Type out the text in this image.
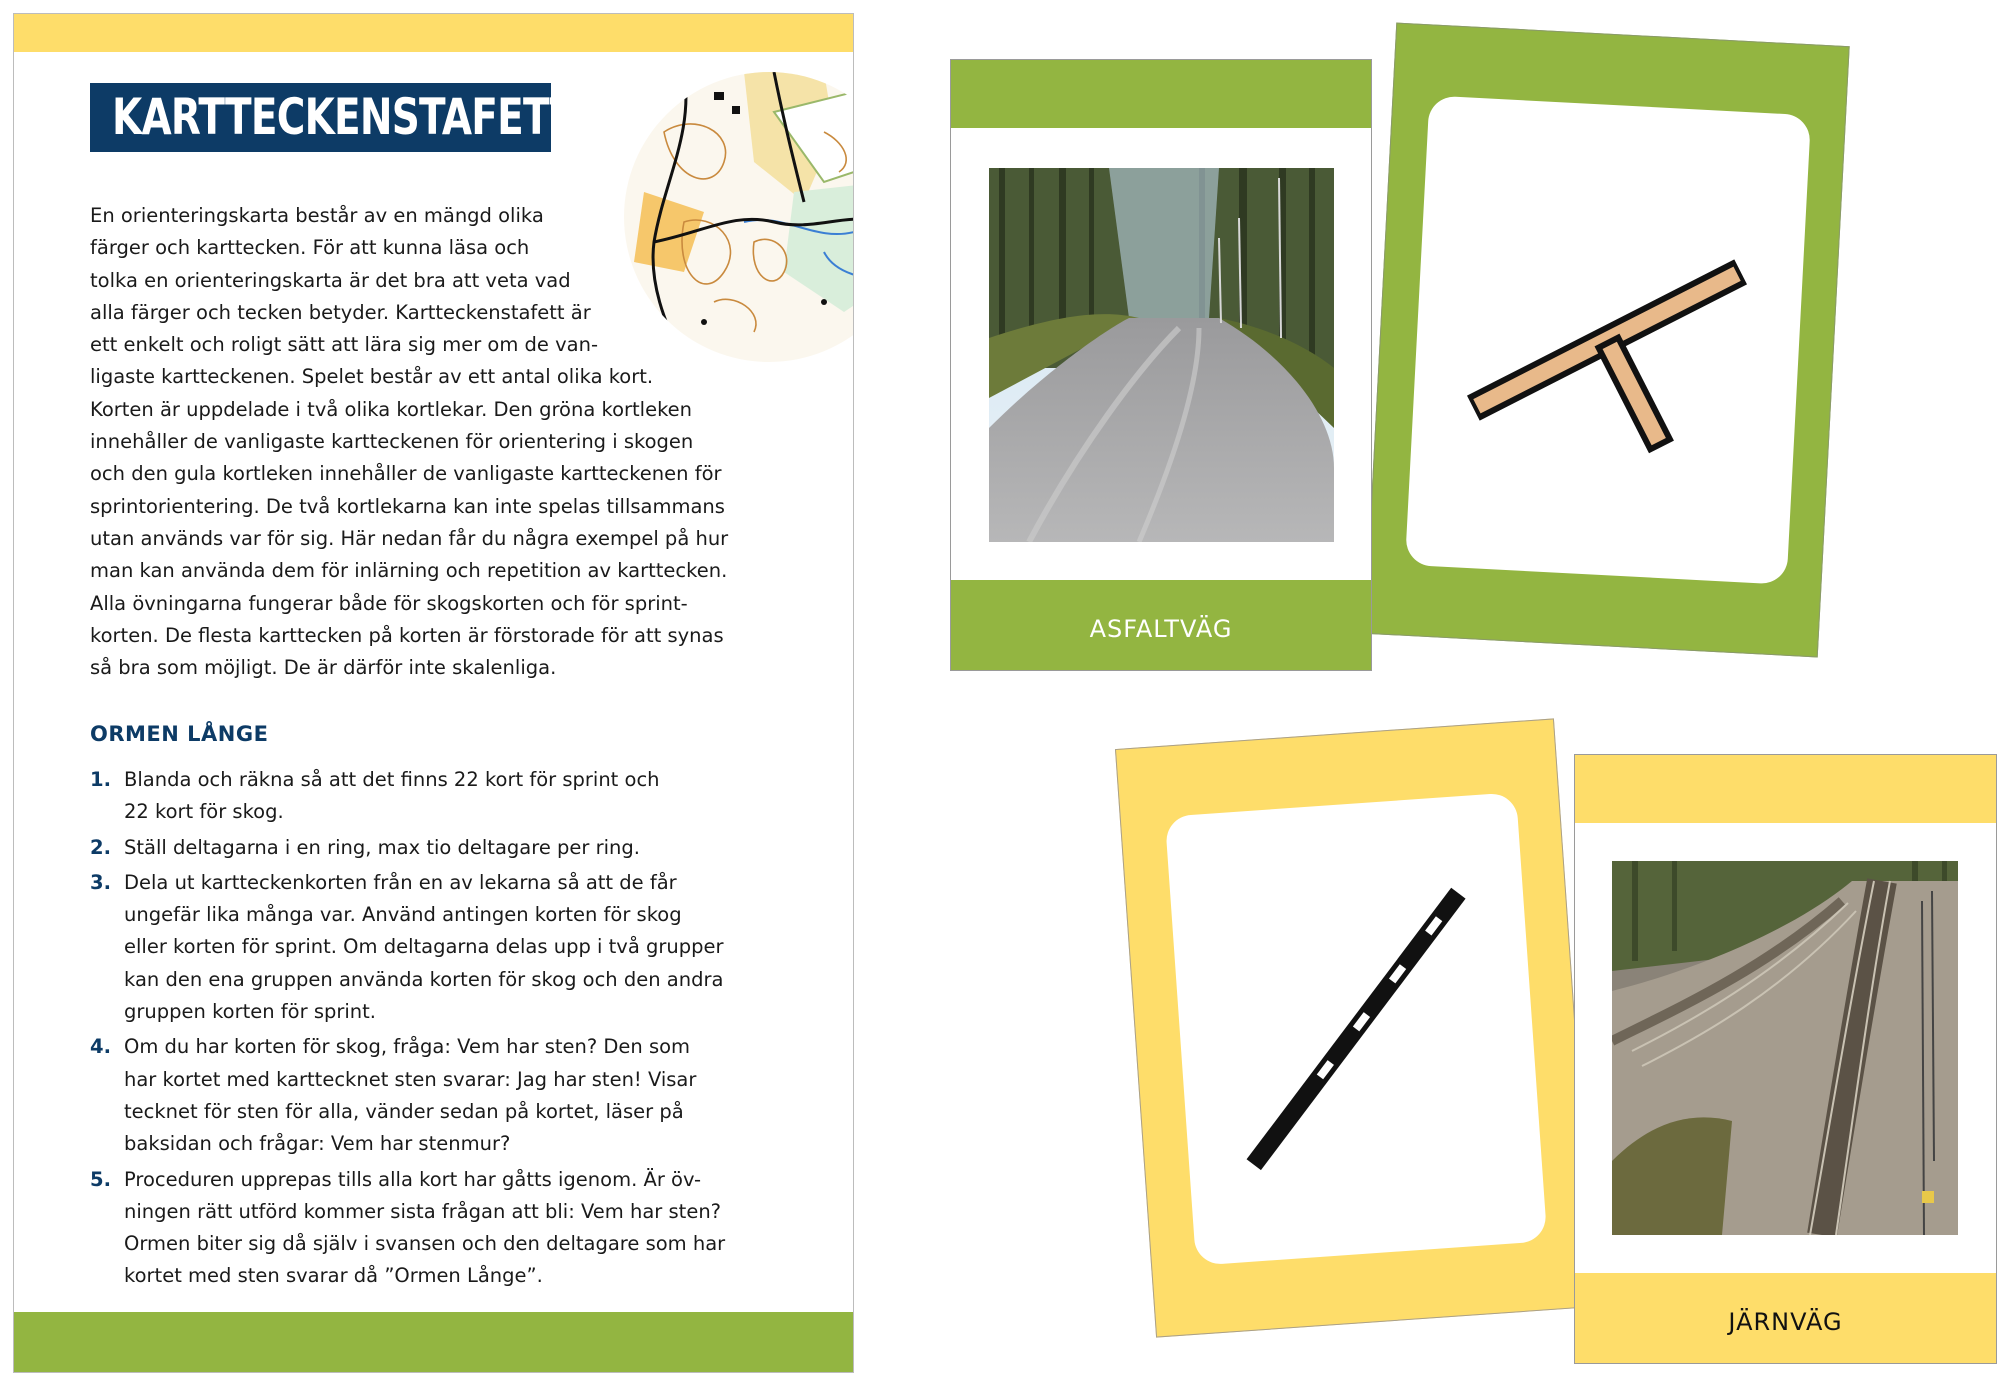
KARTTECKENSTAFETT
En orienteringskarta består av en mängd olika
färger och karttecken. För att kunna läsa och
tolka en orienteringskarta är det bra att veta vad
alla färger och tecken betyder. Kartteckenstafett är
ett enkelt och roligt sätt att lära sig mer om de van-
ligaste kartteckenen. Spelet består av ett antal olika kort.
Korten är uppdelade i två olika kortlekar. Den gröna kortleken
innehåller de vanligaste kartteckenen för orientering i skogen
och den gula kortleken innehåller de vanligaste kartteckenen för
sprintorientering. De två kortlekarna kan inte spelas tillsammans
utan används var för sig. Här nedan får du några exempel på hur
man kan använda dem för inlärning och repetition av karttecken.
Alla övningarna fungerar både för skogskorten och för sprint-
korten. De flesta karttecken på korten är förstorade för att synas
så bra som möjligt. De är därför inte skalenliga.
ORMEN LÅNGE
1. Blanda och räkna så att det finns 22 kort för sprint och
22 kort för skog.
2. Ställ deltagarna i en ring, max tio deltagare per ring.
3. Dela ut kartteckenkorten från en av lekarna så att de får
ungefär lika många var. Använd antingen korten för skog
eller korten för sprint. Om deltagarna delas upp i två grupper
kan den ena gruppen använda korten för skog och den andra
gruppen korten för sprint.
4. Om du har korten för skog, fråga: Vem har sten? Den som
har kortet med karttecknet sten svarar: Jag har sten! Visar
tecknet för sten för alla, vänder sedan på kortet, läser på
baksidan och frågar: Vem har stenmur?
5. Proceduren upprepas tills alla kort har gåtts igenom. Är öv-
ningen rätt utförd kommer sista frågan att bli: Vem har sten?
Ormen biter sig då själv i svansen och den deltagare som har
kortet med sten svarar då ”Ormen Långe”.
ASFALTVÄG
JÄRNVÄG
